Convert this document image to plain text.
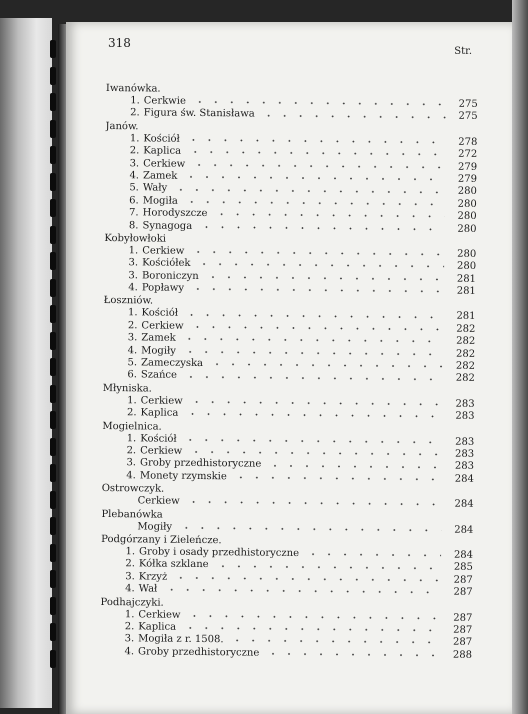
318
Str.
Iwanówka.
1. Cerkwie	275
2. Figura św. Stanisława	275
Janów.
1. Kościół	278
2. Kaplica	272
3. Cerkiew	279
4. Zamek	279
5. Wały	280
6. Mogiła	280
7. Horodyszcze	280
8. Synagoga	280
Kobyłowłoki
1. Cerkiew	280
3. Kościółek	280
3. Boroniczyn	281
4. Popławy	281
Łoszniów.
1. Kościół	281
2. Cerkiew	282
3. Zamek	282
4. Mogiły	282
5. Zameczyska	282
6. Szańce	282
Młyniska.
1. Cerkiew	283
2. Kaplica	283
Mogielnica.
1. Kościół	283
2. Cerkiew	283
3. Groby przedhistoryczne	283
4. Monety rzymskie	284
Ostrowczyk.
Cerkiew	284
Plebanówka
Mogiły	284
Podgórzany i Zieleńcze.
1. Groby i osady przedhistoryczne	284
2. Kółka szklane	285
3. Krzyż	287
4. Wał	287
Podhajczyki.
1. Cerkiew	287
2. Kaplica	287
3. Mogiła z r. 1508.	287
4. Groby przedhistoryczne	288
